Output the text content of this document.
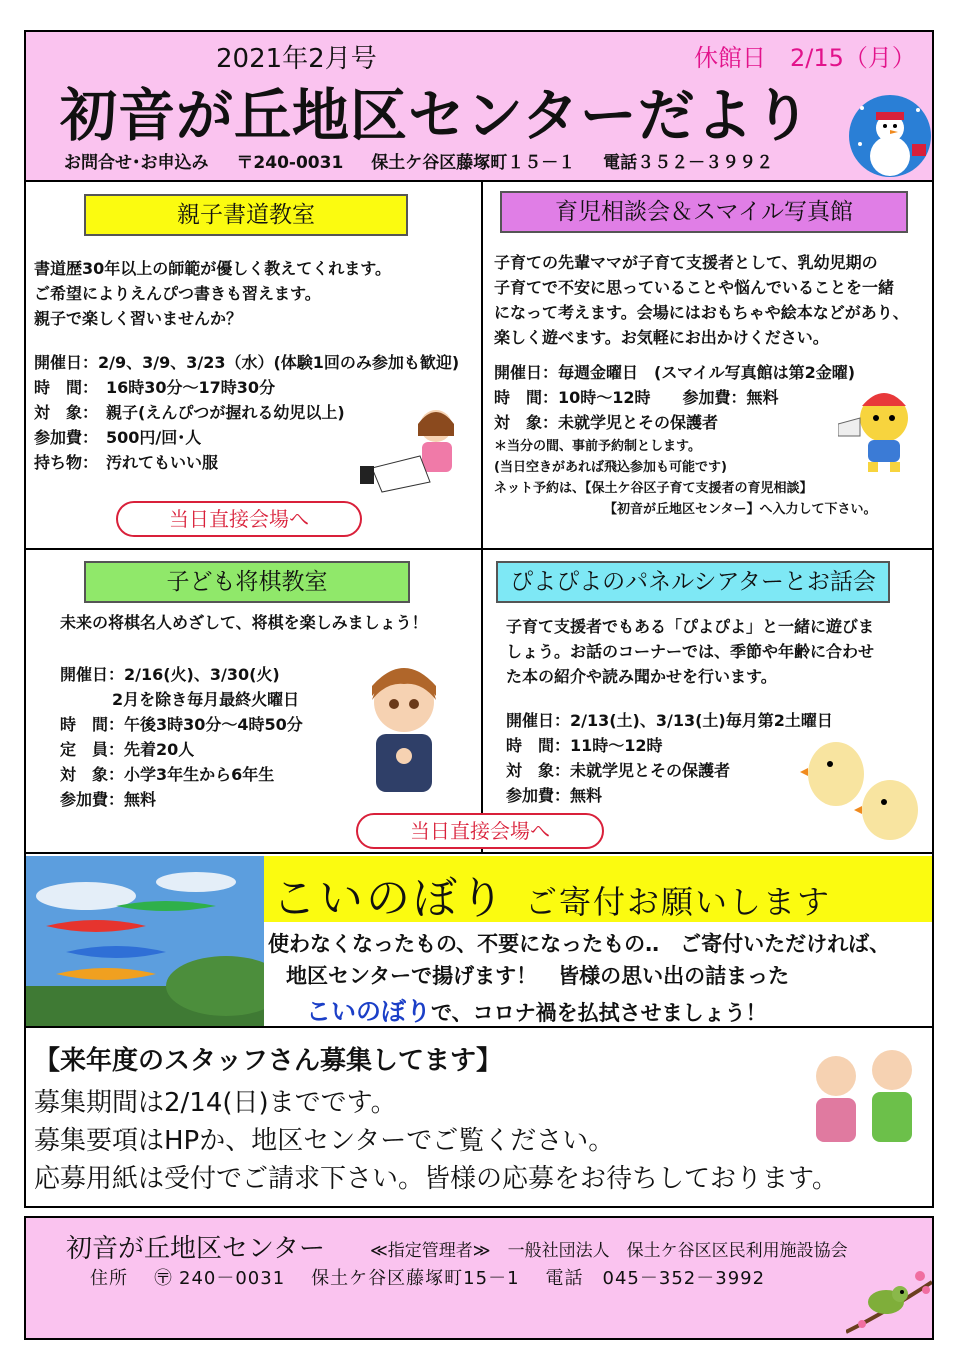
2021年2月号	休館日　2/15（月）
初音が丘地区センターだより
お問合せ･お申込み 〒240-0031 保土ケ谷区藤塚町１５－１ 電話３５２－３９９２
親子書道教室
書道歴30年以上の師範が優しく教えてくれます。
ご希望によりえんぴつ書きも習えます。
親子で楽しく習いませんか？
開催日：2/9、3/9、3/23（水）(体験1回のみ参加も歓迎)
時　間：　16時30分～17時30分
対　象：　親子(えんぴつが握れる幼児以上)
参加費：　500円/回･人
持ち物：　汚れてもいい服
当日直接会場へ
育児相談会＆スマイル写真館
子育ての先輩ママが子育て支援者として、乳幼児期の
子育てで不安に思っていることや悩んでいることを一緒
になって考えます。会場にはおもちゃや絵本などがあり、
楽しく遊べます。お気軽にお出かけください。
開催日：毎週金曜日　(スマイル写真館は第2金曜)
時　間：10時～12時　　参加費：無料
対　象：未就学児とその保護者
＊当分の間、事前予約制とします。
(当日空きがあれば飛込参加も可能です)
ネット予約は、【保土ケ谷区子育て支援者の育児相談】
【初音が丘地区センター】へ入力して下さい。
子ども将棋教室
未来の将棋名人めざして、将棋を楽しみましょう！
開催日：2/16(火)、3/30(火)
2月を除き毎月最終火曜日
時　間：午後3時30分～4時50分
定　員：先着20人
対　象：小学3年生から6年生
参加費：無料
当日直接会場へ
ぴよぴよのパネルシアターとお話会
子育て支援者でもある「ぴよぴよ」と一緒に遊びま
しょう。お話のコーナーでは、季節や年齢に合わせ
た本の紹介や読み聞かせを行います。
開催日：2/13(土)、3/13(土)毎月第2土曜日
時　間：11時～12時
対　象：未就学児とその保護者
参加費：無料
こいのぼり ご寄付お願いします
使わなくなったもの、不要になったもの‥　ご寄付いただければ、
地区センターで揚げます！　皆様の思い出の詰まった
こいのぼりで、コロナ禍を払拭させましょう！
【来年度のスタッフさん募集してます】
募集期間は2/14(日)までです。
募集要項はHPか、地区センターでご覧ください。
応募用紙は受付でご請求下さい。皆様の応募をお待ちしております。
初音が丘地区センター	≪指定管理者≫　一般社団法人　保土ケ谷区区民利用施設協会
住所 〶 240－0031 保土ケ谷区藤塚町15－1 電話　045－352－3992
